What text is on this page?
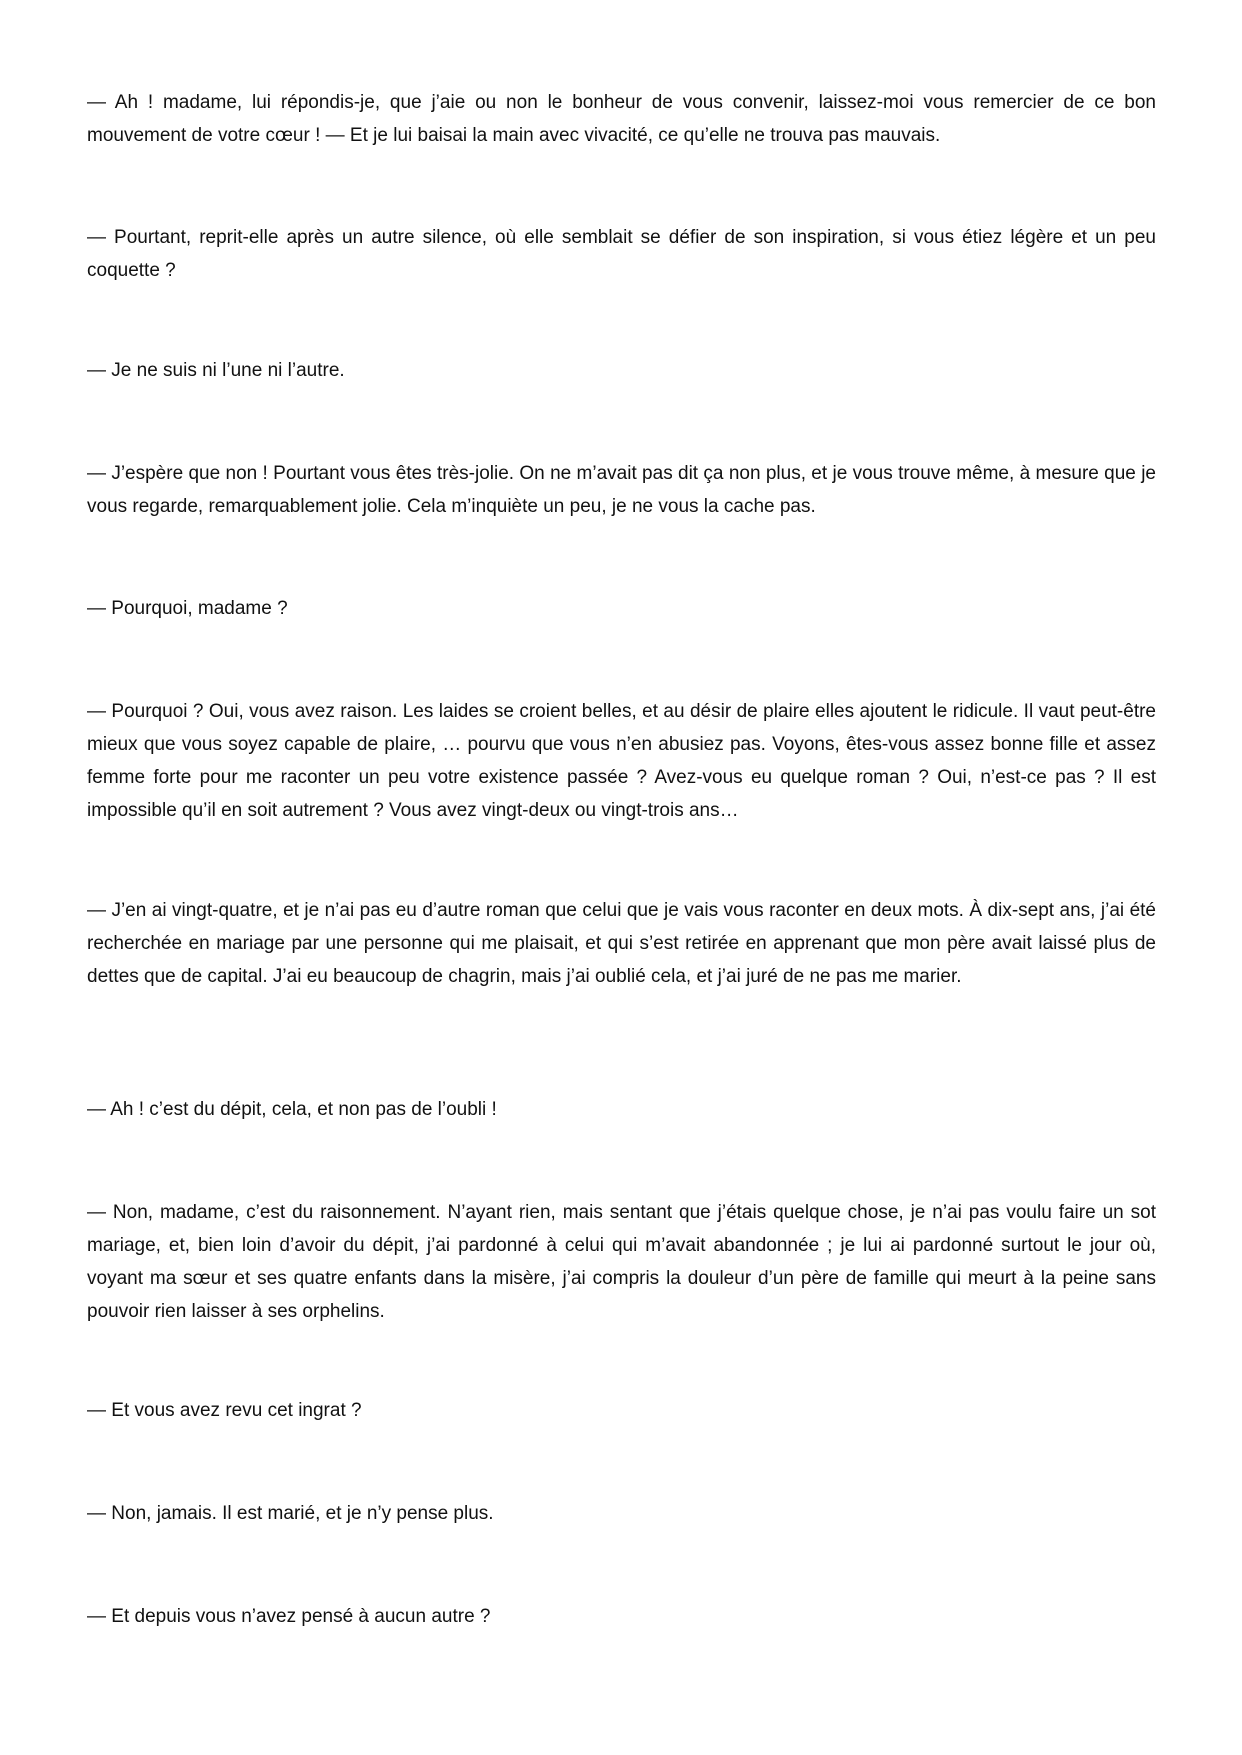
— Ah ! madame, lui répondis-je, que j’aie ou non le bonheur de vous convenir, laissez-moi vous remercier de ce bon mouvement de votre cœur ! — Et je lui baisai la main avec vivacité, ce qu’elle ne trouva pas mauvais.

— Pourtant, reprit-elle après un autre silence, où elle semblait se défier de son inspiration, si vous étiez légère et un peu coquette ?

— Je ne suis ni l’une ni l’autre.

— J’espère que non ! Pourtant vous êtes très-jolie. On ne m’avait pas dit ça non plus, et je vous trouve même, à mesure que je vous regarde, remarquablement jolie. Cela m’inquiète un peu, je ne vous la cache pas.

— Pourquoi, madame ?

— Pourquoi ? Oui, vous avez raison. Les laides se croient belles, et au désir de plaire elles ajoutent le ridicule. Il vaut peut-être mieux que vous soyez capable de plaire, … pourvu que vous n’en abusiez pas. Voyons, êtes-vous assez bonne fille et assez femme forte pour me raconter un peu votre existence passée ? Avez-vous eu quelque roman ? Oui, n’est-ce pas ? Il est impossible qu’il en soit autrement ? Vous avez vingt-deux ou vingt-trois ans…

— J’en ai vingt-quatre, et je n’ai pas eu d’autre roman que celui que je vais vous raconter en deux mots. À dix-sept ans, j’ai été recherchée en mariage par une personne qui me plaisait, et qui s’est retirée en apprenant que mon père avait laissé plus de dettes que de capital. J’ai eu beaucoup de chagrin, mais j’ai oublié cela, et j’ai juré de ne pas me marier.

— Ah ! c’est du dépit, cela, et non pas de l’oubli !

— Non, madame, c’est du raisonnement. N’ayant rien, mais sentant que j’étais quelque chose, je n’ai pas voulu faire un sot mariage, et, bien loin d’avoir du dépit, j’ai pardonné à celui qui m’avait abandonnée ; je lui ai pardonné surtout le jour où, voyant ma sœur et ses quatre enfants dans la misère, j’ai compris la douleur d’un père de famille qui meurt à la peine sans pouvoir rien laisser à ses orphelins.

— Et vous avez revu cet ingrat ?

— Non, jamais. Il est marié, et je n’y pense plus.

— Et depuis vous n’avez pensé à aucun autre ?
